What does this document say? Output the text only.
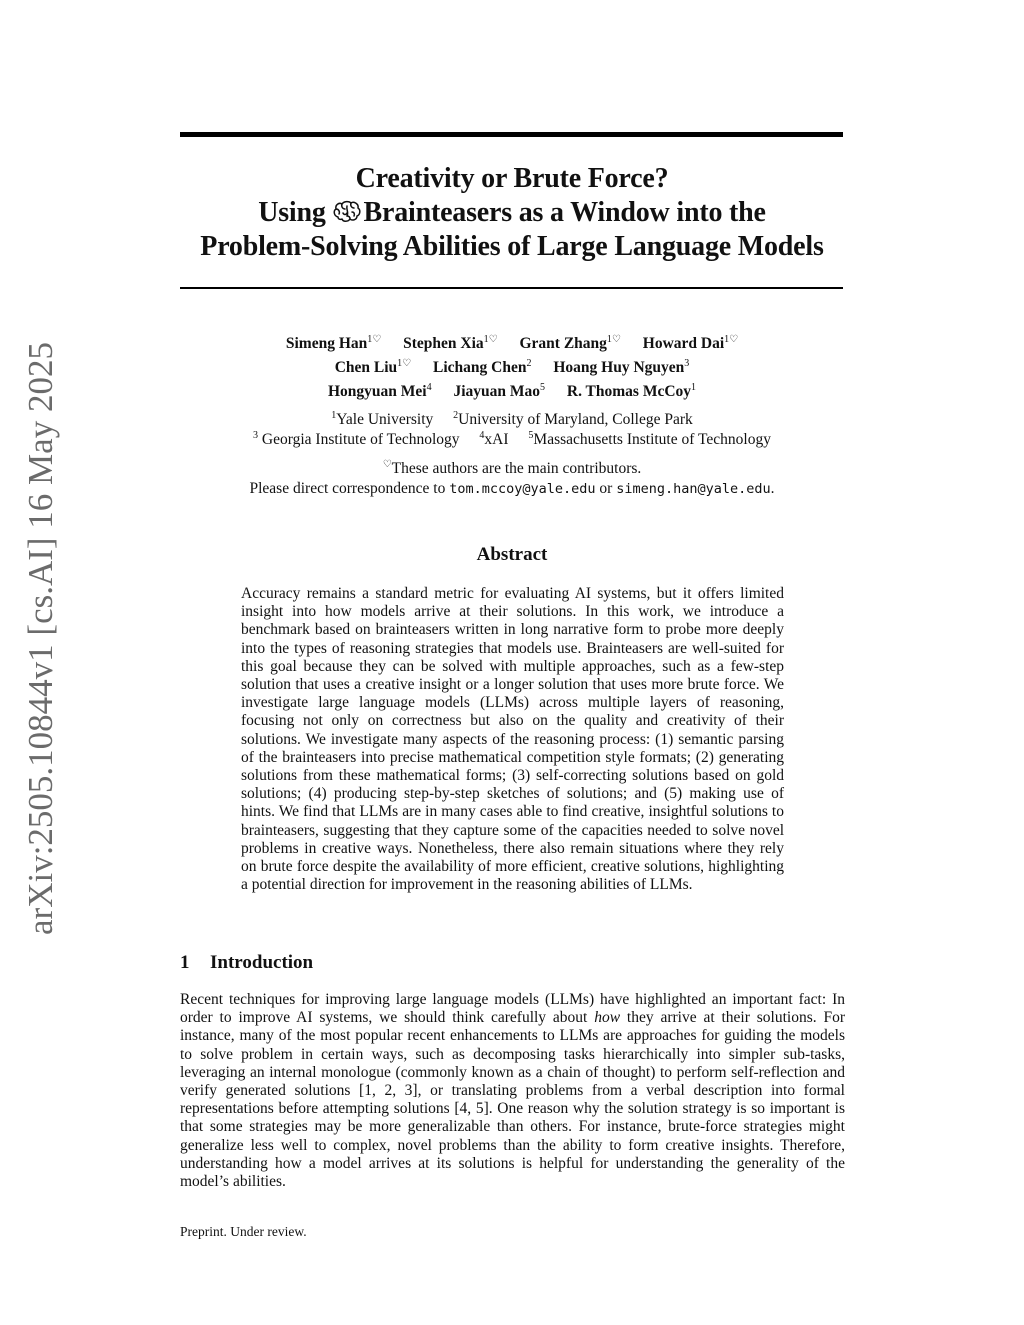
Creativity or Brute Force?
Using Brainteasers as a Window into the
Problem-Solving Abilities of Large Language Models
Simeng Han$^{1♡}$ Stephen Xia$^{1♡}$ Grant Zhang$^{1♡}$ Howard Dai$^{1♡}$
Chen Liu$^{1♡}$ Lichang Chen$^2$ Hoang Huy Nguyen$^3$
Hongyuan Mei$^4$ Jiayuan Mao$^5$ R. Thomas McCoy$^1$
$^1$Yale University $^2$University of Maryland, College Park
$^3$ Georgia Institute of Technology $^4$xAI $^5$Massachusetts Institute of Technology
♡These authors are the main contributors.
Please direct correspondence to tom.mccoy@yale.edu or simeng.han@yale.edu.
Abstract
Accuracy remains a standard metric for evaluating AI systems, but it offers limited insight into how models arrive at their solutions. In this work, we introduce a benchmark based on brainteasers written in long narrative form to probe more deeply into the types of reasoning strategies that models use. Brainteasers are well-suited for this goal because they can be solved with multiple approaches, such as a few-step solution that uses a creative insight or a longer solution that uses more brute force. We investigate large language models (LLMs) across multiple layers of reasoning, focusing not only on correctness but also on the quality and creativity of their solutions. We investigate many aspects of the reasoning process: (1) semantic parsing of the brainteasers into precise mathematical competition style formats; (2) generating solutions from these mathematical forms; (3) self-correcting solutions based on gold solutions; (4) producing step-by-step sketches of solutions; and (5) making use of hints. We find that LLMs are in many cases able to find creative, insightful solutions to brainteasers, suggesting that they capture some of the capacities needed to solve novel problems in creative ways. Nonetheless, there also remain situations where they rely on brute force despite the availability of more efficient, creative solutions, highlighting a potential direction for improvement in the reasoning abilities of LLMs.
1 Introduction
Recent techniques for improving large language models (LLMs) have highlighted an important fact: In order to improve AI systems, we should think carefully about how they arrive at their solutions. For instance, many of the most popular recent enhancements to LLMs are approaches for guiding the models to solve problem in certain ways, such as decomposing tasks hierarchically into simpler sub-tasks, leveraging an internal monologue (commonly known as a chain of thought) to perform self-reflection and verify generated solutions [1, 2, 3], or translating problems from a verbal description into formal representations before attempting solutions [4, 5]. One reason why the solution strategy is so important is that some strategies may be more generalizable than others. For instance, brute-force strategies might generalize less well to complex, novel problems than the ability to form creative insights. Therefore, understanding how a model arrives at its solutions is helpful for understanding the generality of the model’s abilities.
Preprint. Under review.
arXiv:2505.10844v1 [cs.AI] 16 May 2025
